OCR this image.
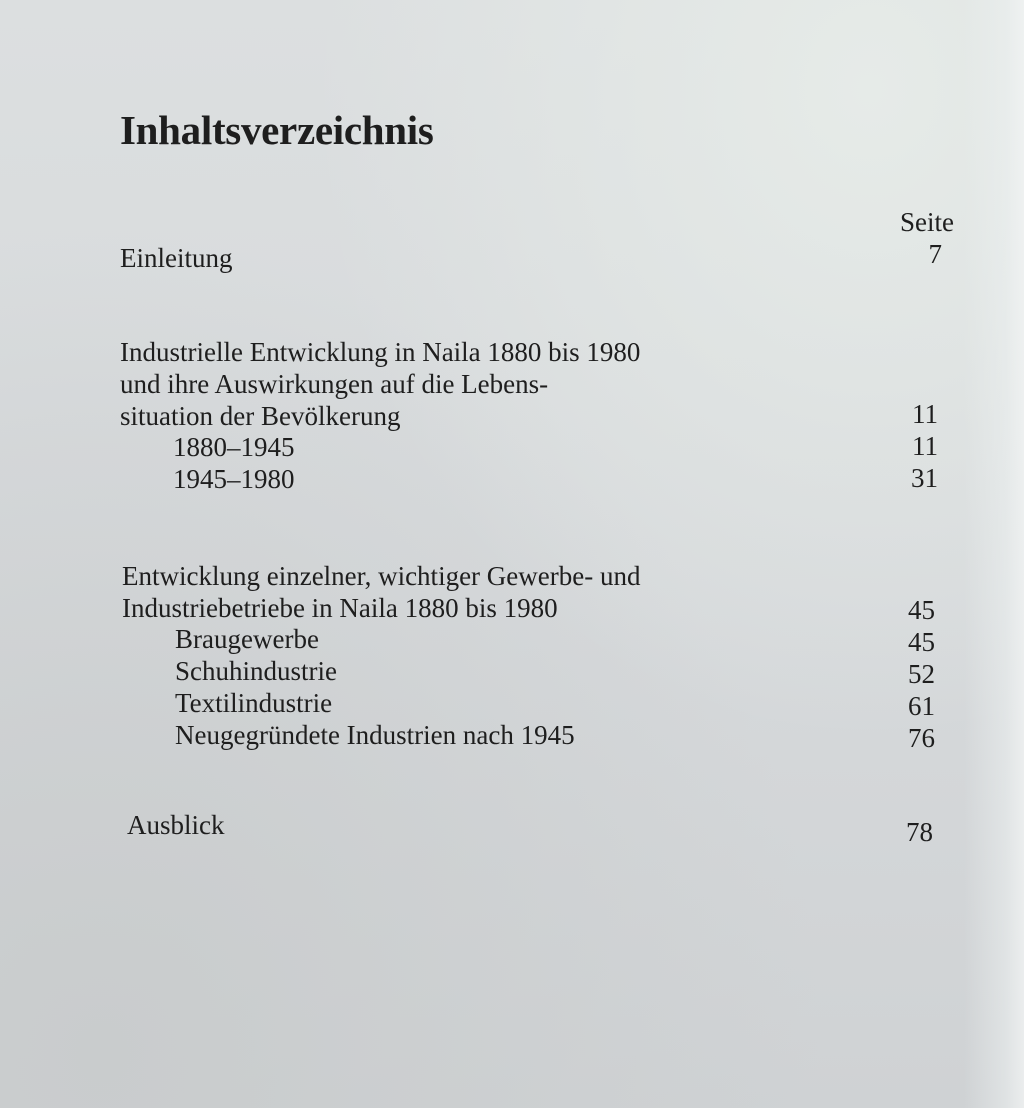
Inhaltsverzeichnis
Seite
Einleitung	7
Industrielle Entwicklung in Naila 1880 bis 1980
und ihre Auswirkungen auf die Lebens-
situation der Bevölkerung	11
1880–1945	11
1945–1980	31
Entwicklung einzelner, wichtiger Gewerbe- und
Industriebetriebe in Naila 1880 bis 1980	45
Braugewerbe	45
Schuhindustrie	52
Textilindustrie	61
Neugegründete Industrien nach 1945	76
Ausblick	78
